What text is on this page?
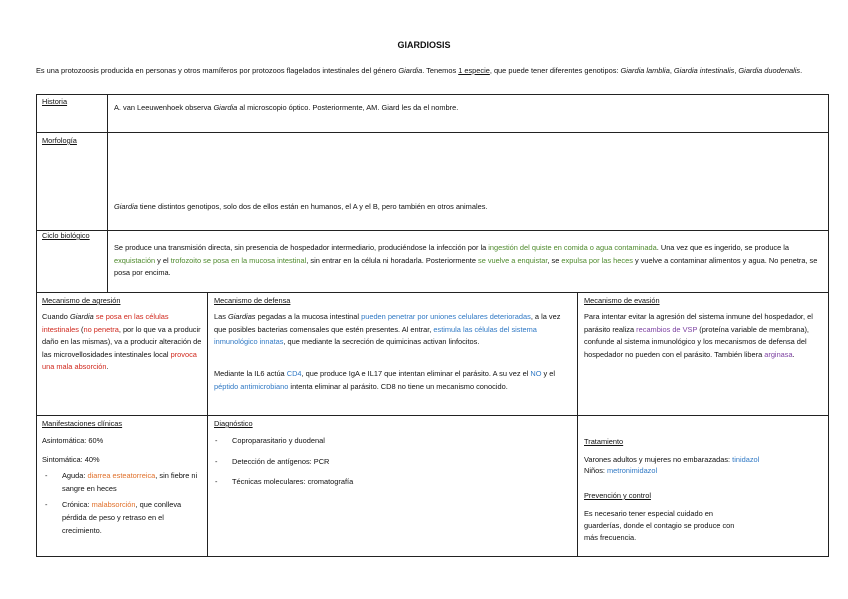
GIARDIOSIS
Es una protozoosis producida en personas y otros mamíferos por protozoos flagelados intestinales del género Giardia. Tenemos 1 especie, que puede tener diferentes genotipos: Giardia lamblia, Giardia intestinalis, Giardia duodenalis.
Historia
A. van Leeuwenhoek observa Giardia al microscopio óptico. Posteriormente, AM. Giard les da el nombre.
Morfología
Giardia tiene distintos genotipos, solo dos de ellos están en humanos, el A y el B, pero también en otros animales.
Ciclo biológico
Se produce una transmisión directa, sin presencia de hospedador intermediario, produciéndose la infección por la ingestión del quiste en comida o agua contaminada. Una vez que es ingerido, se produce la exquistación y el trofozoito se posa en la mucosa intestinal, sin entrar en la célula ni horadarla. Posteriormente se vuelve a enquistar, se expulsa por las heces y vuelve a contaminar alimentos y agua. No penetra, se posa por encima.
Mecanismo de agresión
Cuando Giardia se posa en las células intestinales (no penetra, por lo que va a producir daño en las mismas), va a producir alteración de las microvellosidades intestinales local provoca una mala absorción.
Mecanismo de defensa
Las Giardias pegadas a la mucosa intestinal pueden penetrar por uniones celulares deterioradas, a la vez que posibles bacterias comensales que estén presentes. Al entrar, estimula las células del sistema inmunológico innatas, que mediante la secreción de quimicinas activan linfocitos.
Mediante la IL6 actúa CD4, que produce IgA e IL17 que intentan eliminar el parásito. A su vez el NO y el péptido antimicrobiano intenta eliminar al parásito. CD8 no tiene un mecanismo conocido.
Mecanismo de evasión
Para intentar evitar la agresión del sistema inmune del hospedador, el parásito realiza recambios de VSP (proteína variable de membrana), confunde al sistema inmunológico y los mecanismos de defensa del hospedador no pueden con el parásito. También libera arginasa.
Manifestaciones clínicas
Asintomática: 60%
Sintomática: 40%
- Aguda: diarrea esteatorreica, sin fiebre ni sangre en heces
- Crónica: malabsorción, que conlleva pérdida de peso y retraso en el crecimiento.
Diagnóstico
- Coproparasitario y duodenal
- Detección de antígenos: PCR
- Técnicas moleculares: cromatografía
Tratamiento
Varones adultos y mujeres no embarazadas: tinidazol
Niños: metronimidazol
Prevención y control
Es necesario tener especial cuidado en guarderías, donde el contagio se produce con más frecuencia.
